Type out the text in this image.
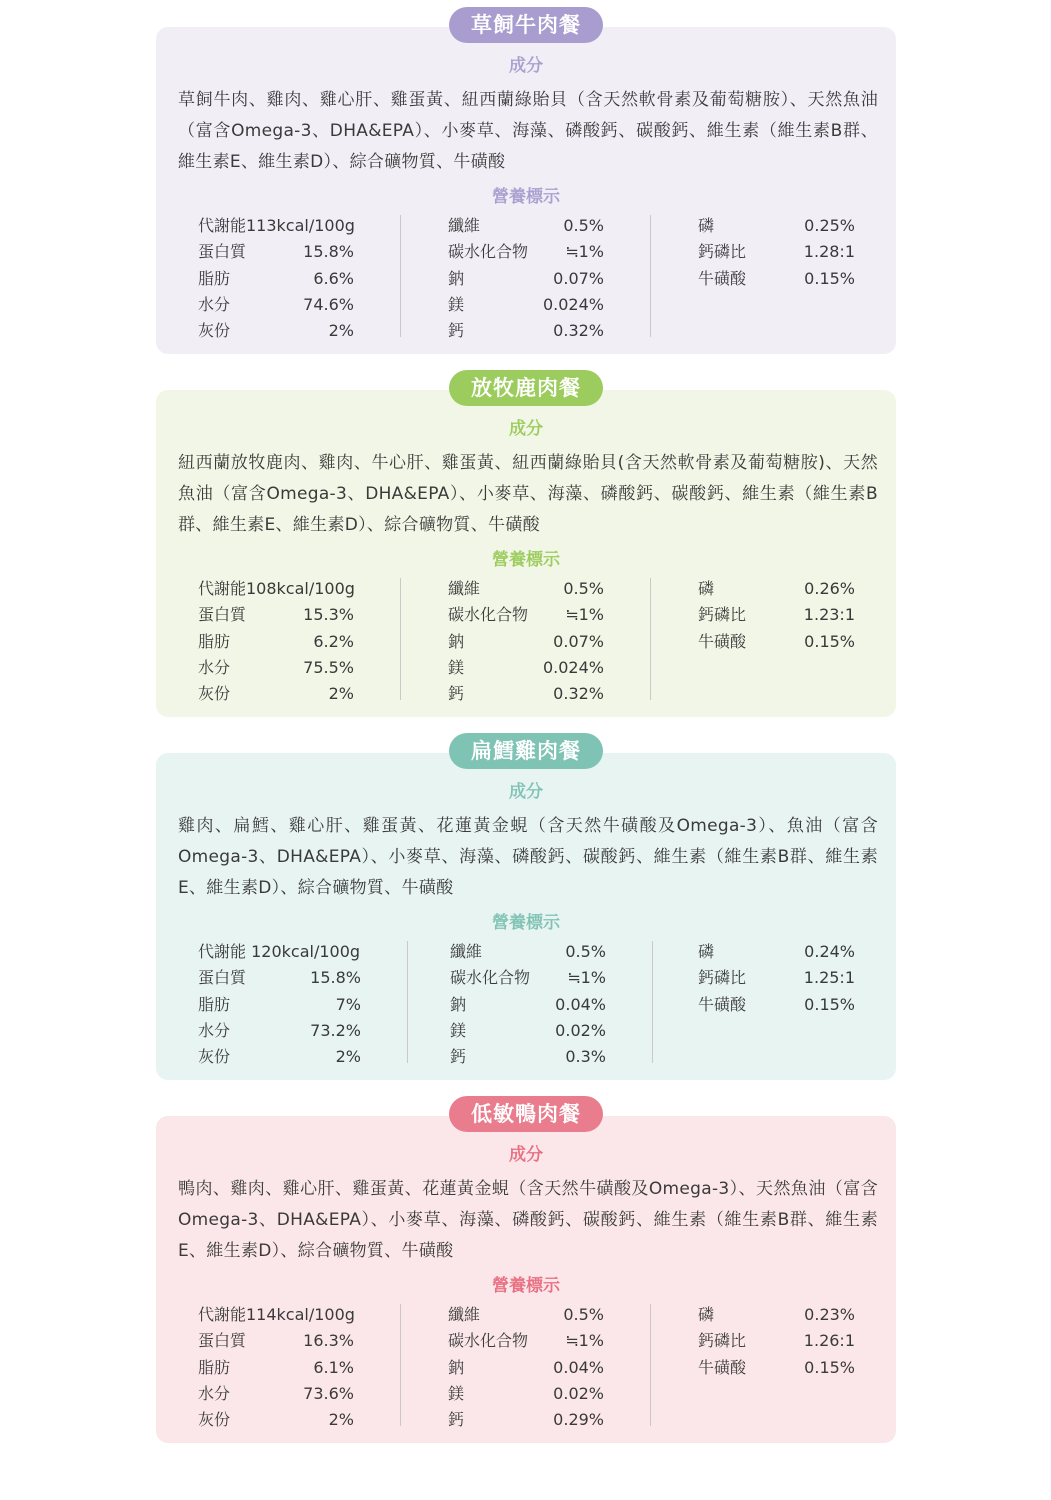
草飼牛肉餐
成分

草飼牛肉、雞肉、雞心肝、雞蛋黃、紐西蘭綠貽貝（含天然軟骨素及葡萄糖胺）、天然魚油（富含Omega-3、DHA&EPA）、小麥草、海藻、磷酸鈣、碳酸鈣、維生素（維生素B群、維生素E、維生素D）、綜合礦物質、牛磺酸

營養標示
代謝能113kcal/100g
蛋白質	15.8%
脂肪	6.6%
水分	74.6%
灰份	2%
纖維	0.5%
碳水化合物 ≒1%
鈉	0.07%
鎂	0.024%
鈣	0.32%
磷	0.25%
鈣磷比	1.28:1
牛磺酸	0.15%
放牧鹿肉餐
成分

紐西蘭放牧鹿肉、雞肉、牛心肝、雞蛋黃、紐西蘭綠貽貝(含天然軟骨素及葡萄糖胺)、天然魚油（富含Omega-3、DHA&EPA）、小麥草、海藻、磷酸鈣、碳酸鈣、維生素（維生素B群、維生素E、維生素D）、綜合礦物質、牛磺酸

營養標示
代謝能108kcal/100g
蛋白質	15.3%
脂肪	6.2%
水分	75.5%
灰份	2%
纖維	0.5%
碳水化合物 ≒1%
鈉	0.07%
鎂	0.024%
鈣	0.32%
磷	0.26%
鈣磷比	1.23:1
牛磺酸	0.15%
扁鱈雞肉餐
成分

雞肉、扁鱈、雞心肝、雞蛋黃、花蓮黃金蜆（含天然牛磺酸及Omega-3）、魚油（富含Omega-3、DHA&EPA）、小麥草、海藻、磷酸鈣、碳酸鈣、維生素（維生素B群、維生素E、維生素D）、綜合礦物質、牛磺酸

營養標示
代謝能 120kcal/100g
蛋白質	15.8%
脂肪	7%
水分	73.2%
灰份	2%
纖維	0.5%
碳水化合物 ≒1%
鈉	0.04%
鎂	0.02%
鈣	0.3%
磷	0.24%
鈣磷比	1.25:1
牛磺酸	0.15%
低敏鴨肉餐
成分

鴨肉、雞肉、雞心肝、雞蛋黃、花蓮黃金蜆（含天然牛磺酸及Omega-3）、天然魚油（富含Omega-3、DHA&EPA）、小麥草、海藻、磷酸鈣、碳酸鈣、維生素（維生素B群、維生素E、維生素D）、綜合礦物質、牛磺酸

營養標示
代謝能114kcal/100g
蛋白質	16.3%
脂肪	6.1%
水分	73.6%
灰份	2%
纖維	0.5%
碳水化合物 ≒1%
鈉	0.04%
鎂	0.02%
鈣	0.29%
磷	0.23%
鈣磷比	1.26:1
牛磺酸	0.15%
